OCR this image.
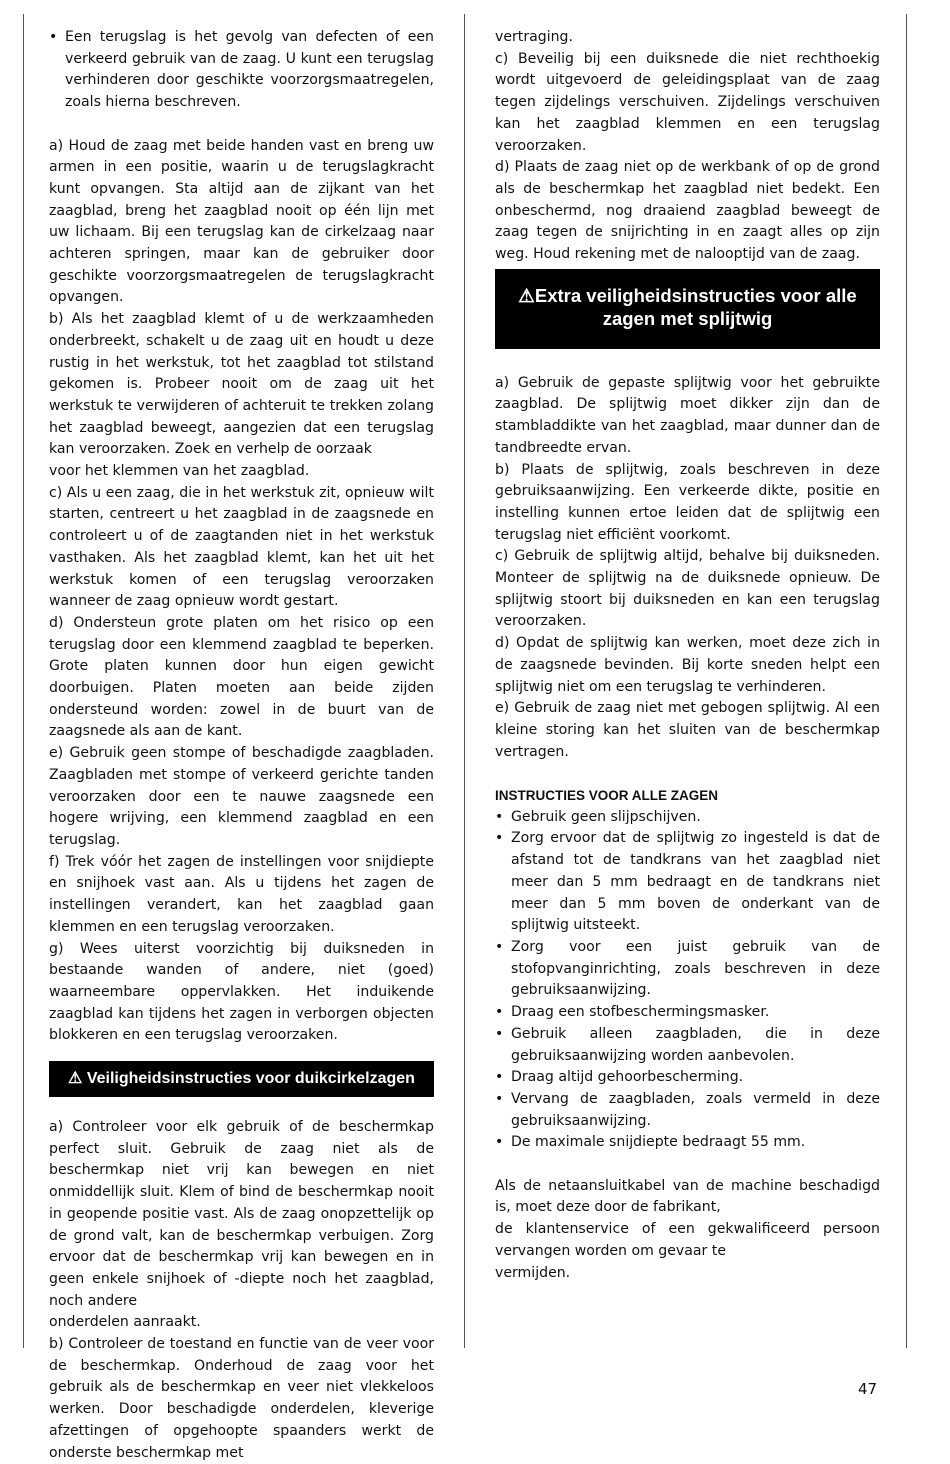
• Een terugslag is het gevolg van defecten of een verkeerd gebruik van de zaag. U kunt een terugslag verhinderen door geschikte voorzorgsmaatregelen, zoals hierna beschreven.

a) Houd de zaag met beide handen vast en breng uw armen in een positie, waarin u de terugslagkracht kunt opvangen. Sta altijd aan de zijkant van het zaagblad, breng het zaagblad nooit op één lijn met uw lichaam. Bij een terugslag kan de cirkelzaag naar achteren springen, maar kan de gebruiker door geschikte voorzorgsmaatregelen de terugslagkracht opvangen.

b) Als het zaagblad klemt of u de werkzaamheden onderbreekt, schakelt u de zaag uit en houdt u deze rustig in het werkstuk, tot het zaagblad tot stilstand gekomen is. Probeer nooit om de zaag uit het werkstuk te verwijderen of achteruit te trekken zolang het zaagblad beweegt, aangezien dat een terugslag kan veroorzaken. Zoek en verhelp de oorzaak

voor het klemmen van het zaagblad.

c) Als u een zaag, die in het werkstuk zit, opnieuw wilt starten, centreert u het zaagblad in de zaagsnede en controleert u of de zaagtanden niet in het werkstuk vasthaken. Als het zaagblad klemt, kan het uit het werkstuk komen of een terugslag veroorzaken wanneer de zaag opnieuw wordt gestart.

d) Ondersteun grote platen om het risico op een terugslag door een klemmend zaagblad te beperken. Grote platen kunnen door hun eigen gewicht doorbuigen. Platen moeten aan beide zijden ondersteund worden: zowel in de buurt van de zaagsnede als aan de kant.

e) Gebruik geen stompe of beschadigde zaagbladen. Zaagbladen met stompe of verkeerd gerichte tanden veroorzaken door een te nauwe zaagsnede een hogere wrijving, een klemmend zaagblad en een terugslag.

f) Trek vóór het zagen de instellingen voor snijdiepte en snijhoek vast aan. Als u tijdens het zagen de instellingen verandert, kan het zaagblad gaan klemmen en een terugslag veroorzaken.

g) Wees uiterst voorzichtig bij duiksneden in bestaande wanden of andere, niet (goed) waarneembare oppervlakken. Het induikende zaagblad kan tijdens het zagen in verborgen objecten blokkeren en een terugslag veroorzaken.

⚠ Veiligheidsinstructies voor duikcirkelzagen

a) Controleer voor elk gebruik of de beschermkap perfect sluit. Gebruik de zaag niet als de beschermkap niet vrij kan bewegen en niet onmiddellijk sluit. Klem of bind de beschermkap nooit in geopende positie vast. Als de zaag onopzettelijk op de grond valt, kan de beschermkap verbuigen. Zorg ervoor dat de beschermkap vrij kan bewegen en in geen enkele snijhoek of -diepte noch het zaagblad, noch andere

onderdelen aanraakt.

b) Controleer de toestand en functie van de veer voor de beschermkap. Onderhoud de zaag voor het gebruik als de beschermkap en veer niet vlekkeloos werken. Door beschadigde onderdelen, kleverige afzettingen of opgehoopte spaanders werkt de onderste beschermkap met

vertraging.

c) Beveilig bij een duiksnede die niet rechthoekig wordt uitgevoerd de geleidingsplaat van de zaag tegen zijdelings verschuiven. Zijdelings verschuiven kan het zaagblad klemmen en een terugslag veroorzaken.

d) Plaats de zaag niet op de werkbank of op de grond als de beschermkap het zaagblad niet bedekt. Een onbeschermd, nog draaiend zaagblad beweegt de zaag tegen de snijrichting in en zaagt alles op zijn weg. Houd rekening met de nalooptijd van de zaag.

⚠Extra veiligheidsinstructies voor alle
zagen met splijtwig

a) Gebruik de gepaste splijtwig voor het gebruikte zaagblad. De splijtwig moet dikker zijn dan de stambladdikte van het zaagblad, maar dunner dan de tandbreedte ervan.

b) Plaats de splijtwig, zoals beschreven in deze gebruiksaanwijzing. Een verkeerde dikte, positie en instelling kunnen ertoe leiden dat de splijtwig een terugslag niet efficiënt voorkomt.

c) Gebruik de splijtwig altijd, behalve bij duiksneden. Monteer de splijtwig na de duiksnede opnieuw. De splijtwig stoort bij duiksneden en kan een terugslag veroorzaken.

d) Opdat de splijtwig kan werken, moet deze zich in de zaagsnede bevinden. Bij korte sneden helpt een splijtwig niet om een terugslag te verhinderen.

e) Gebruik de zaag niet met gebogen splijtwig. Al een kleine storing kan het sluiten van de beschermkap vertragen.

INSTRUCTIES VOOR ALLE ZAGEN

• Gebruik geen slijpschijven.
• Zorg ervoor dat de splijtwig zo ingesteld is dat de afstand tot de tandkrans van het zaagblad niet meer dan 5 mm bedraagt en de tandkrans niet meer dan 5 mm boven de onderkant van de splijtwig uitsteekt.
• Zorg voor een juist gebruik van de stofopvanginrichting, zoals beschreven in deze gebruiksaanwijzing.
• Draag een stofbeschermingsmasker.
• Gebruik alleen zaagbladen, die in deze gebruiksaanwijzing worden aanbevolen.
• Draag altijd gehoorbescherming.
• Vervang de zaagbladen, zoals vermeld in deze gebruiksaanwijzing.
• De maximale snijdiepte bedraagt 55 mm.

Als de netaansluitkabel van de machine beschadigd is, moet deze door de fabrikant,

de klantenservice of een gekwalificeerd persoon vervangen worden om gevaar te

vermijden.

47
